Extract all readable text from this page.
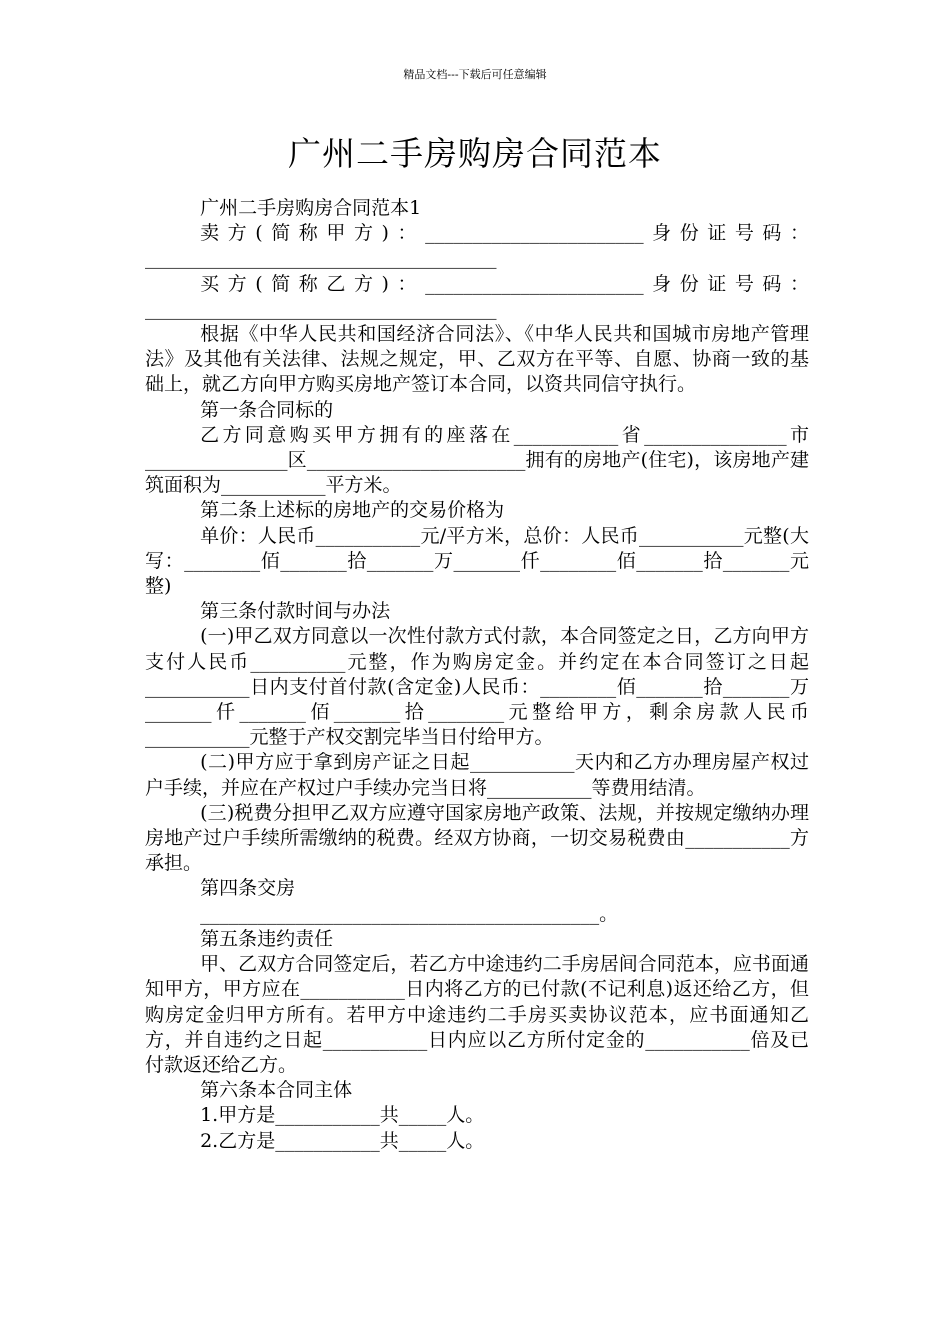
精品文档---下载后可任意编辑
广州二手房购房合同范本

广州二手房购房合同范本1

卖方(简称甲方)：_______________________身份证号码：_____________________________________

买方(简称乙方)：_______________________身份证号码：_____________________________________

根据《中华人民共和国经济合同法》、《中华人民共和国城市房地产管理法》及其他有关法律、法规之规定，甲、乙双方在平等、自愿、协商一致的基础上，就乙方向甲方购买房地产签订本合同，以资共同信守执行。

第一条合同标的

乙方同意购买甲方拥有的座落在___________省_______________市_______________区_______________________拥有的房地产(住宅)，该房地产建筑面积为___________平方米。

第二条上述标的房地产的交易价格为

单价：人民币___________元/平方米，总价：人民币___________元整(大写：________佰_______拾_______万_______仟________佰_______拾_______元整)

第三条付款时间与办法

(一)甲乙双方同意以一次性付款方式付款，本合同签定之日，乙方向甲方支付人民币__________元整，作为购房定金。并约定在本合同签订之日起___________日内支付首付款(含定金)人民币：________佰_______拾_______万_______仟_______佰_______拾________元整给甲方，剩余房款人民币___________元整于产权交割完毕当日付给甲方。

(二)甲方应于拿到房产证之日起___________天内和乙方办理房屋产权过户手续，并应在产权过户手续办完当日将___________等费用结清。

(三)税费分担甲乙双方应遵守国家房地产政策、法规，并按规定缴纳办理房地产过户手续所需缴纳的税费。经双方协商，一切交易税费由___________方承担。

第四条交房

__________________________________________。

第五条违约责任

甲、乙双方合同签定后，若乙方中途违约二手房居间合同范本，应书面通知甲方，甲方应在___________日内将乙方的已付款(不记利息)返还给乙方，但购房定金归甲方所有。若甲方中途违约二手房买卖协议范本，应书面通知乙方，并自违约之日起___________日内应以乙方所付定金的___________倍及已付款返还给乙方。

第六条本合同主体

1.甲方是___________共_____人。

2.乙方是___________共_____人。
